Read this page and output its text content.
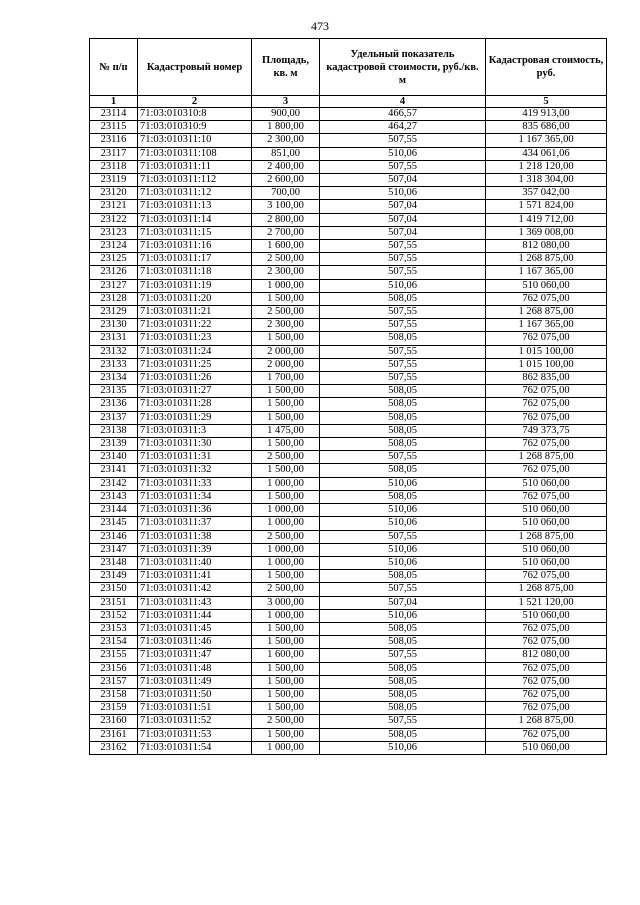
473
№ п/п	Кадастровый номер	Площадь, кв. м	Удельный показатель кадастровой стоимости, руб./кв. м	Кадастровая стоимость, руб.
1	2	3	4	5
23114	71:03:010310:8	900,00	466,57	419 913,00
23115	71:03:010310:9	1 800,00	464,27	835 686,00
23116	71:03:010311:10	2 300,00	507,55	1 167 365,00
23117	71:03:010311:108	851,00	510,06	434 061,06
23118	71:03:010311:11	2 400,00	507,55	1 218 120,00
23119	71:03:010311:112	2 600,00	507,04	1 318 304,00
23120	71:03:010311:12	700,00	510,06	357 042,00
23121	71:03:010311:13	3 100,00	507,04	1 571 824,00
23122	71:03:010311:14	2 800,00	507,04	1 419 712,00
23123	71:03:010311:15	2 700,00	507,04	1 369 008,00
23124	71:03:010311:16	1 600,00	507,55	812 080,00
23125	71:03:010311:17	2 500,00	507,55	1 268 875,00
23126	71:03:010311:18	2 300,00	507,55	1 167 365,00
23127	71:03:010311:19	1 000,00	510,06	510 060,00
23128	71:03:010311:20	1 500,00	508,05	762 075,00
23129	71:03:010311:21	2 500,00	507,55	1 268 875,00
23130	71:03:010311:22	2 300,00	507,55	1 167 365,00
23131	71:03:010311:23	1 500,00	508,05	762 075,00
23132	71:03:010311:24	2 000,00	507,55	1 015 100,00
23133	71:03:010311:25	2 000,00	507,55	1 015 100,00
23134	71:03:010311:26	1 700,00	507,55	862 835,00
23135	71:03:010311:27	1 500,00	508,05	762 075,00
23136	71:03:010311:28	1 500,00	508,05	762 075,00
23137	71:03:010311:29	1 500,00	508,05	762 075,00
23138	71:03:010311:3	1 475,00	508,05	749 373,75
23139	71:03:010311:30	1 500,00	508,05	762 075,00
23140	71:03:010311:31	2 500,00	507,55	1 268 875,00
23141	71:03:010311:32	1 500,00	508,05	762 075,00
23142	71:03:010311:33	1 000,00	510,06	510 060,00
23143	71:03:010311:34	1 500,00	508,05	762 075,00
23144	71:03:010311:36	1 000,00	510,06	510 060,00
23145	71:03:010311:37	1 000,00	510,06	510 060,00
23146	71:03:010311:38	2 500,00	507,55	1 268 875,00
23147	71:03:010311:39	1 000,00	510,06	510 060,00
23148	71:03:010311:40	1 000,00	510,06	510 060,00
23149	71:03:010311:41	1 500,00	508,05	762 075,00
23150	71:03:010311:42	2 500,00	507,55	1 268 875,00
23151	71:03:010311:43	3 000,00	507,04	1 521 120,00
23152	71:03:010311:44	1 000,00	510,06	510 060,00
23153	71:03:010311:45	1 500,00	508,05	762 075,00
23154	71:03:010311:46	1 500,00	508,05	762 075,00
23155	71:03:010311:47	1 600,00	507,55	812 080,00
23156	71:03:010311:48	1 500,00	508,05	762 075,00
23157	71:03:010311:49	1 500,00	508,05	762 075,00
23158	71:03:010311:50	1 500,00	508,05	762 075,00
23159	71:03:010311:51	1 500,00	508,05	762 075,00
23160	71:03:010311:52	2 500,00	507,55	1 268 875,00
23161	71:03:010311:53	1 500,00	508,05	762 075,00
23162	71:03:010311:54	1 000,00	510,06	510 060,00
